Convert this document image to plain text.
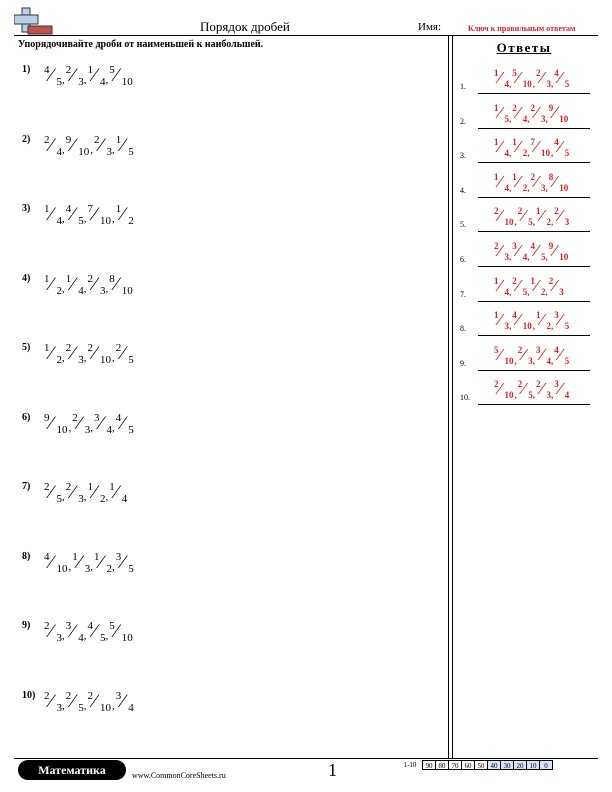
Порядок дробей	Имя:	Ключ к правильным ответам
Упорядочивайте дроби от наименьшей к наибольшей.	Ответы
1) 4 ⁄ 5 ,
2 ⁄ 3 ,
1 ⁄ 4 ,
5 ⁄ 10
2) 2 ⁄ 4 ,
9 ⁄ 10 ,
2 ⁄ 3 ,
1 ⁄ 5
3) 1 ⁄ 4 ,
4 ⁄ 5 ,
7 ⁄ 10 ,
1 ⁄ 2
4) 1 ⁄ 2 ,
1 ⁄ 4 ,
2 ⁄ 3 ,
8 ⁄ 10
5) 1 ⁄ 2 ,
2 ⁄ 3 ,
2 ⁄ 10 ,
2 ⁄ 5
6) 9 ⁄ 10 ,
2 ⁄ 3 ,
3 ⁄ 4 ,
4 ⁄ 5
7) 2 ⁄ 5 ,
2 ⁄ 3 ,
1 ⁄ 2 ,
1 ⁄ 4
8) 4 ⁄ 10 ,
1 ⁄ 3 ,
1 ⁄ 2 ,
3 ⁄ 5
9) 2 ⁄ 3 ,
3 ⁄ 4 ,
4 ⁄ 5 ,
5 ⁄ 10
10) 2 ⁄ 3 ,
2 ⁄ 5 ,
2 ⁄ 10 ,
3 ⁄ 4
1.
1 ⁄ 4 ,
5 ⁄ 10 ,
2 ⁄ 3 ,
4 ⁄ 5
2.
1 ⁄ 5 ,
2 ⁄ 4 ,
2 ⁄ 3 ,
9 ⁄ 10
3.
1 ⁄ 4 ,
1 ⁄ 2 ,
7 ⁄ 10 ,
4 ⁄ 5
4.
1 ⁄ 4 ,
1 ⁄ 2 ,
2 ⁄ 3 ,
8 ⁄ 10
5.
2 ⁄ 10 ,
2 ⁄ 5 ,
1 ⁄ 2 ,
2 ⁄ 3
6.
2 ⁄ 3 ,
3 ⁄ 4 ,
4 ⁄ 5 ,
9 ⁄ 10
7.
1 ⁄ 4 ,
2 ⁄ 5 ,
1 ⁄ 2 ,
2 ⁄ 3
8.
1 ⁄ 3 ,
4 ⁄ 10 ,
1 ⁄ 2 ,
3 ⁄ 5
9.
5 ⁄ 10 ,
2 ⁄ 3 ,
3 ⁄ 4 ,
4 ⁄ 5
10.
2 ⁄ 10 ,
2 ⁄ 5 ,
2 ⁄ 3 ,
3 ⁄ 4
Математика	www.CommonCoreSheets.ru	1	1-10	90 80 70 60 50 40 30 20 10	0
